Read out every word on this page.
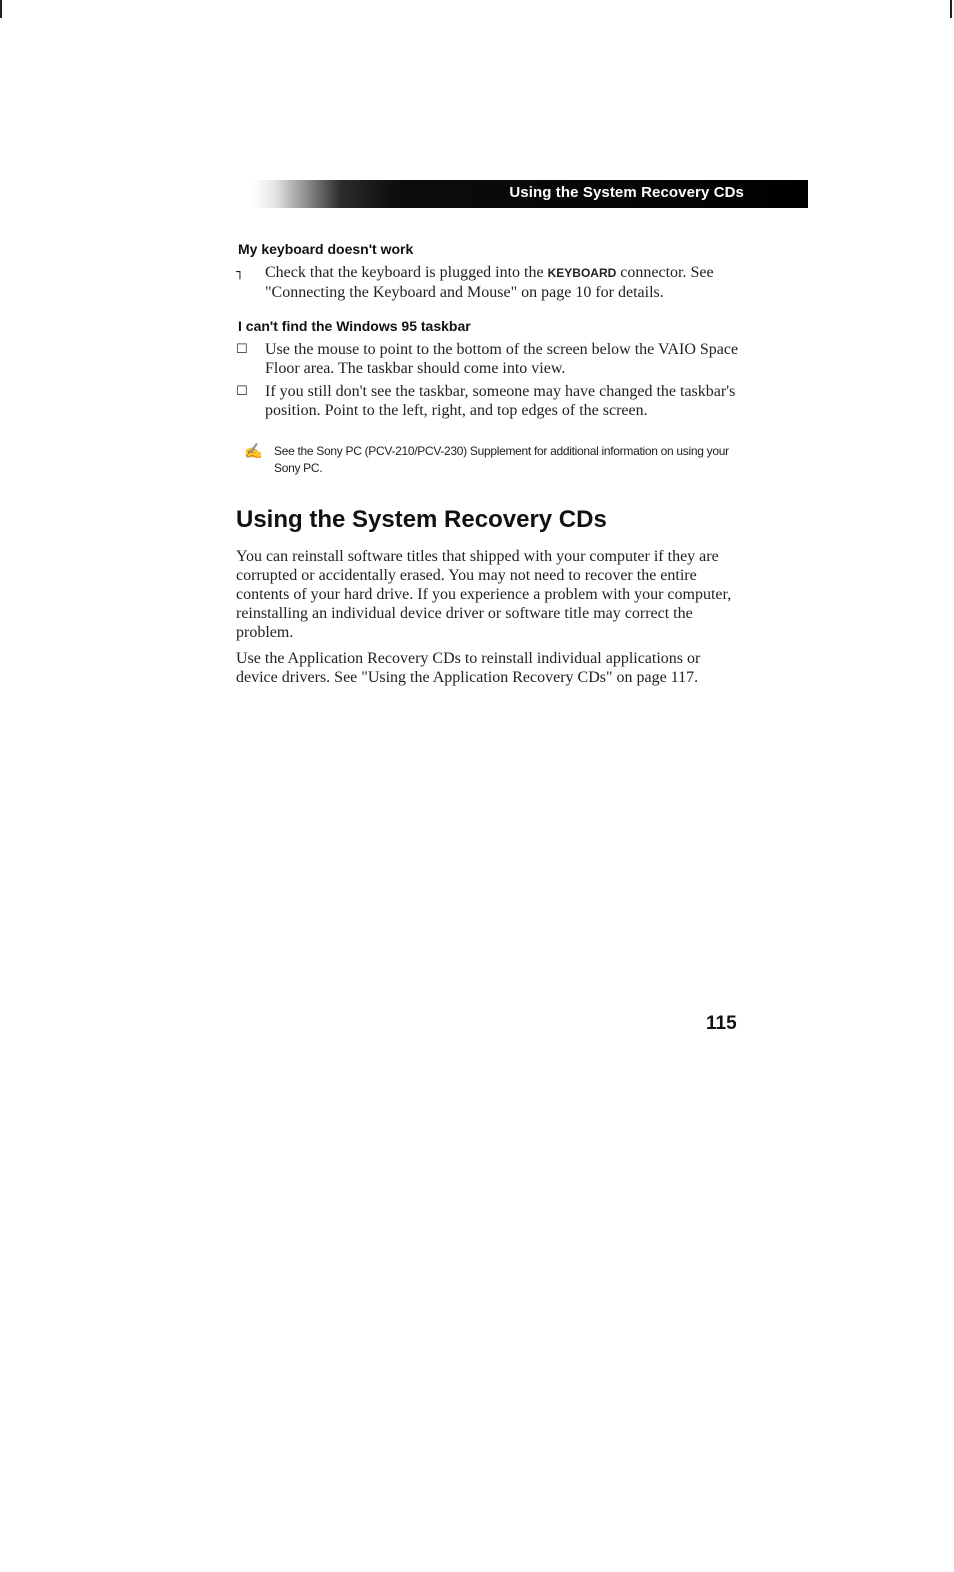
Using the System Recovery CDs
My keyboard doesn't work
┐ Check that the keyboard is plugged into the KEYBOARD connector. See "Connecting the Keyboard and Mouse" on page 10 for details.
I can't find the Windows 95 taskbar
☐ Use the mouse to point to the bottom of the screen below the VAIO Space Floor area. The taskbar should come into view.
☐ If you still don't see the taskbar, someone may have changed the taskbar's position. Point to the left, right, and top edges of the screen.
✍ See the Sony PC (PCV-210/PCV-230) Supplement for additional information on using your Sony PC.
Using the System Recovery CDs
You can reinstall software titles that shipped with your computer if they are corrupted or accidentally erased. You may not need to recover the entire contents of your hard drive. If you experience a problem with your computer, reinstalling an individual device driver or software title may correct the problem.
Use the Application Recovery CDs to reinstall individual applications or device drivers. See "Using the Application Recovery CDs" on page 117.
115
